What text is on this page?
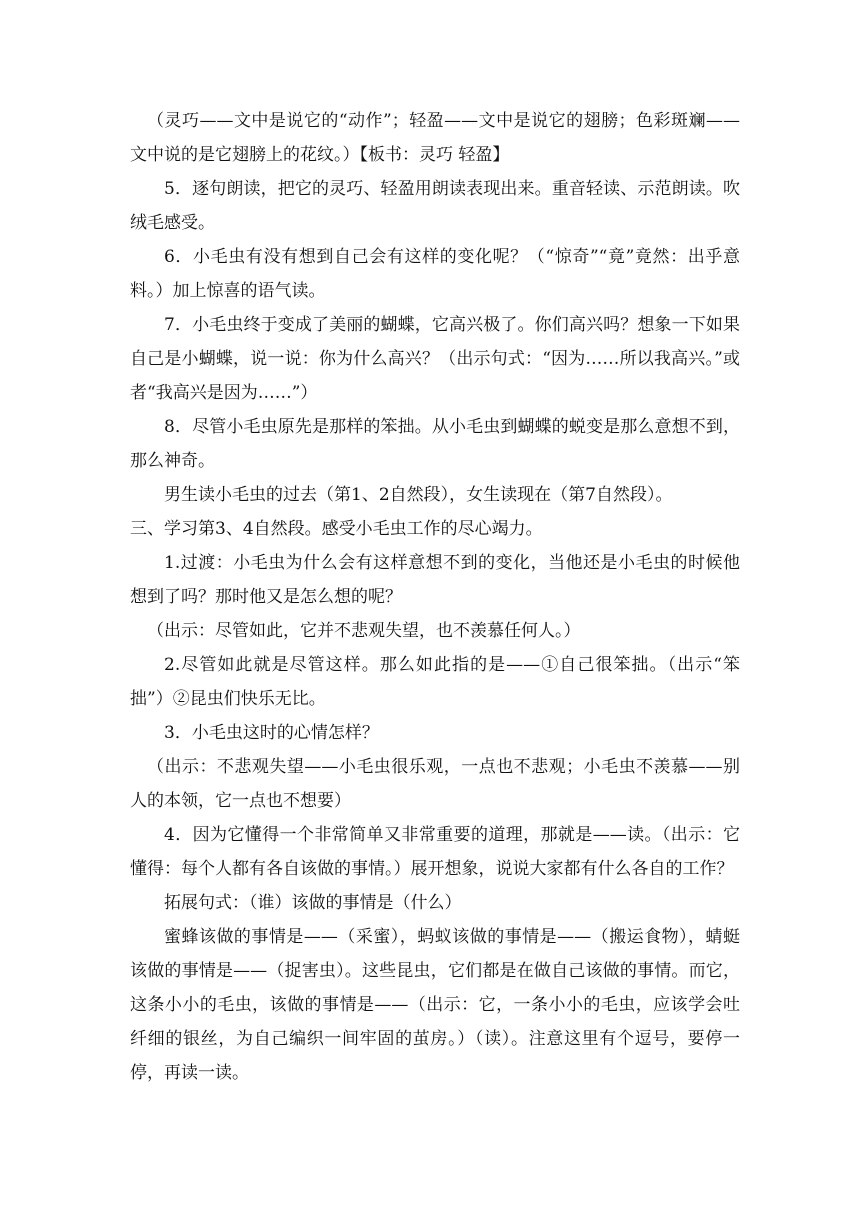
（灵巧——文中是说它的“动作”；轻盈——文中是说它的翅膀；色彩斑斓——文中说的是它翅膀上的花纹。）【板书：灵巧 轻盈】

5．逐句朗读，把它的灵巧、轻盈用朗读表现出来。重音轻读、示范朗读。吹绒毛感受。

6．小毛虫有没有想到自己会有这样的变化呢？（“惊奇”“竟”竟然：出乎意料。）加上惊喜的语气读。

7．小毛虫终于变成了美丽的蝴蝶，它高兴极了。你们高兴吗？想象一下如果自己是小蝴蝶，说一说：你为什么高兴？（出示句式：“因为……所以我高兴。”或者“我高兴是因为……”）

8．尽管小毛虫原先是那样的笨拙。从小毛虫到蝴蝶的蜕变是那么意想不到，那么神奇。

男生读小毛虫的过去（第1、2自然段），女生读现在（第7自然段）。

三、学习第3、4自然段。感受小毛虫工作的尽心竭力。

1.过渡：小毛虫为什么会有这样意想不到的变化，当他还是小毛虫的时候他想到了吗？那时他又是怎么想的呢？

（出示：尽管如此，它并不悲观失望，也不羡慕任何人。）

2.尽管如此就是尽管这样。那么如此指的是——①自己很笨拙。（出示“笨拙”）②昆虫们快乐无比。

3．小毛虫这时的心情怎样？

（出示：不悲观失望——小毛虫很乐观，一点也不悲观；小毛虫不羡慕——别人的本领，它一点也不想要）

4．因为它懂得一个非常简单又非常重要的道理，那就是——读。（出示：它懂得：每个人都有各自该做的事情。）展开想象，说说大家都有什么各自的工作？

拓展句式：（谁）该做的事情是（什么）

蜜蜂该做的事情是——（采蜜），蚂蚁该做的事情是——（搬运食物），蜻蜓该做的事情是——（捉害虫）。这些昆虫，它们都是在做自己该做的事情。而它，这条小小的毛虫，该做的事情是——（出示：它，一条小小的毛虫，应该学会吐纤细的银丝，为自己编织一间牢固的茧房。）（读）。注意这里有个逗号，要停一停，再读一读。
